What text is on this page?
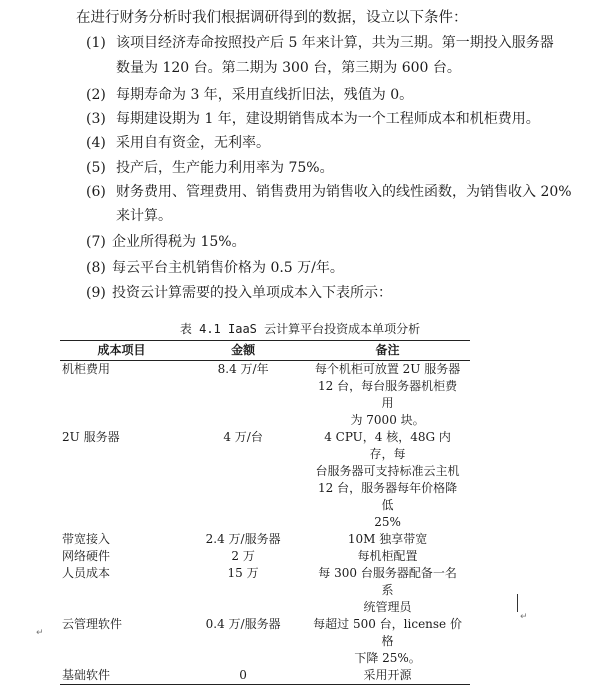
在进行财务分析时我们根据调研得到的数据，设立以下条件：
(1) 该项目经济寿命按照投产后 5 年来计算，共为三期。第一期投入服务器
数量为 120 台。第二期为 300 台，第三期为 600 台。
(2) 每期寿命为 3 年，采用直线折旧法，残值为 0。
(3) 每期建设期为 1 年，建设期销售成本为一个工程师成本和机柜费用。
(4) 采用自有资金，无利率。
(5) 投产后，生产能力利用率为 75%。
(6) 财务费用、管理费用、销售费用为销售收入的线性函数，为销售收入 20%
来计算。
(7) 企业所得税为 15%。
(8) 每云平台主机销售价格为 0.5 万/年。
(9) 投资云计算需要的投入单项成本入下表所示：
表 4.1 IaaS 云计算平台投资成本单项分析
成本项目	金额	备注
机柜费用	8.4 万/年	每个机柜可放置 2U 服务器
12 台，每台服务器机柜费用
为 7000 块。

2U 服务器	4 万/台	4 CPU，4 核，48G 内存，每
台服务器可支持标准云主机
12 台，服务器每年价格降低
25%

带宽接入	2.4 万/服务器	10M 独享带宽

网络硬件	2 万	每机柜配置

人员成本	15 万	每 300 台服务器配备一名系
统管理员

云管理软件	0.4 万/服务器	每超过 500 台，license 价格
下降 25%。

基础软件	0	采用开源
↵
↵
